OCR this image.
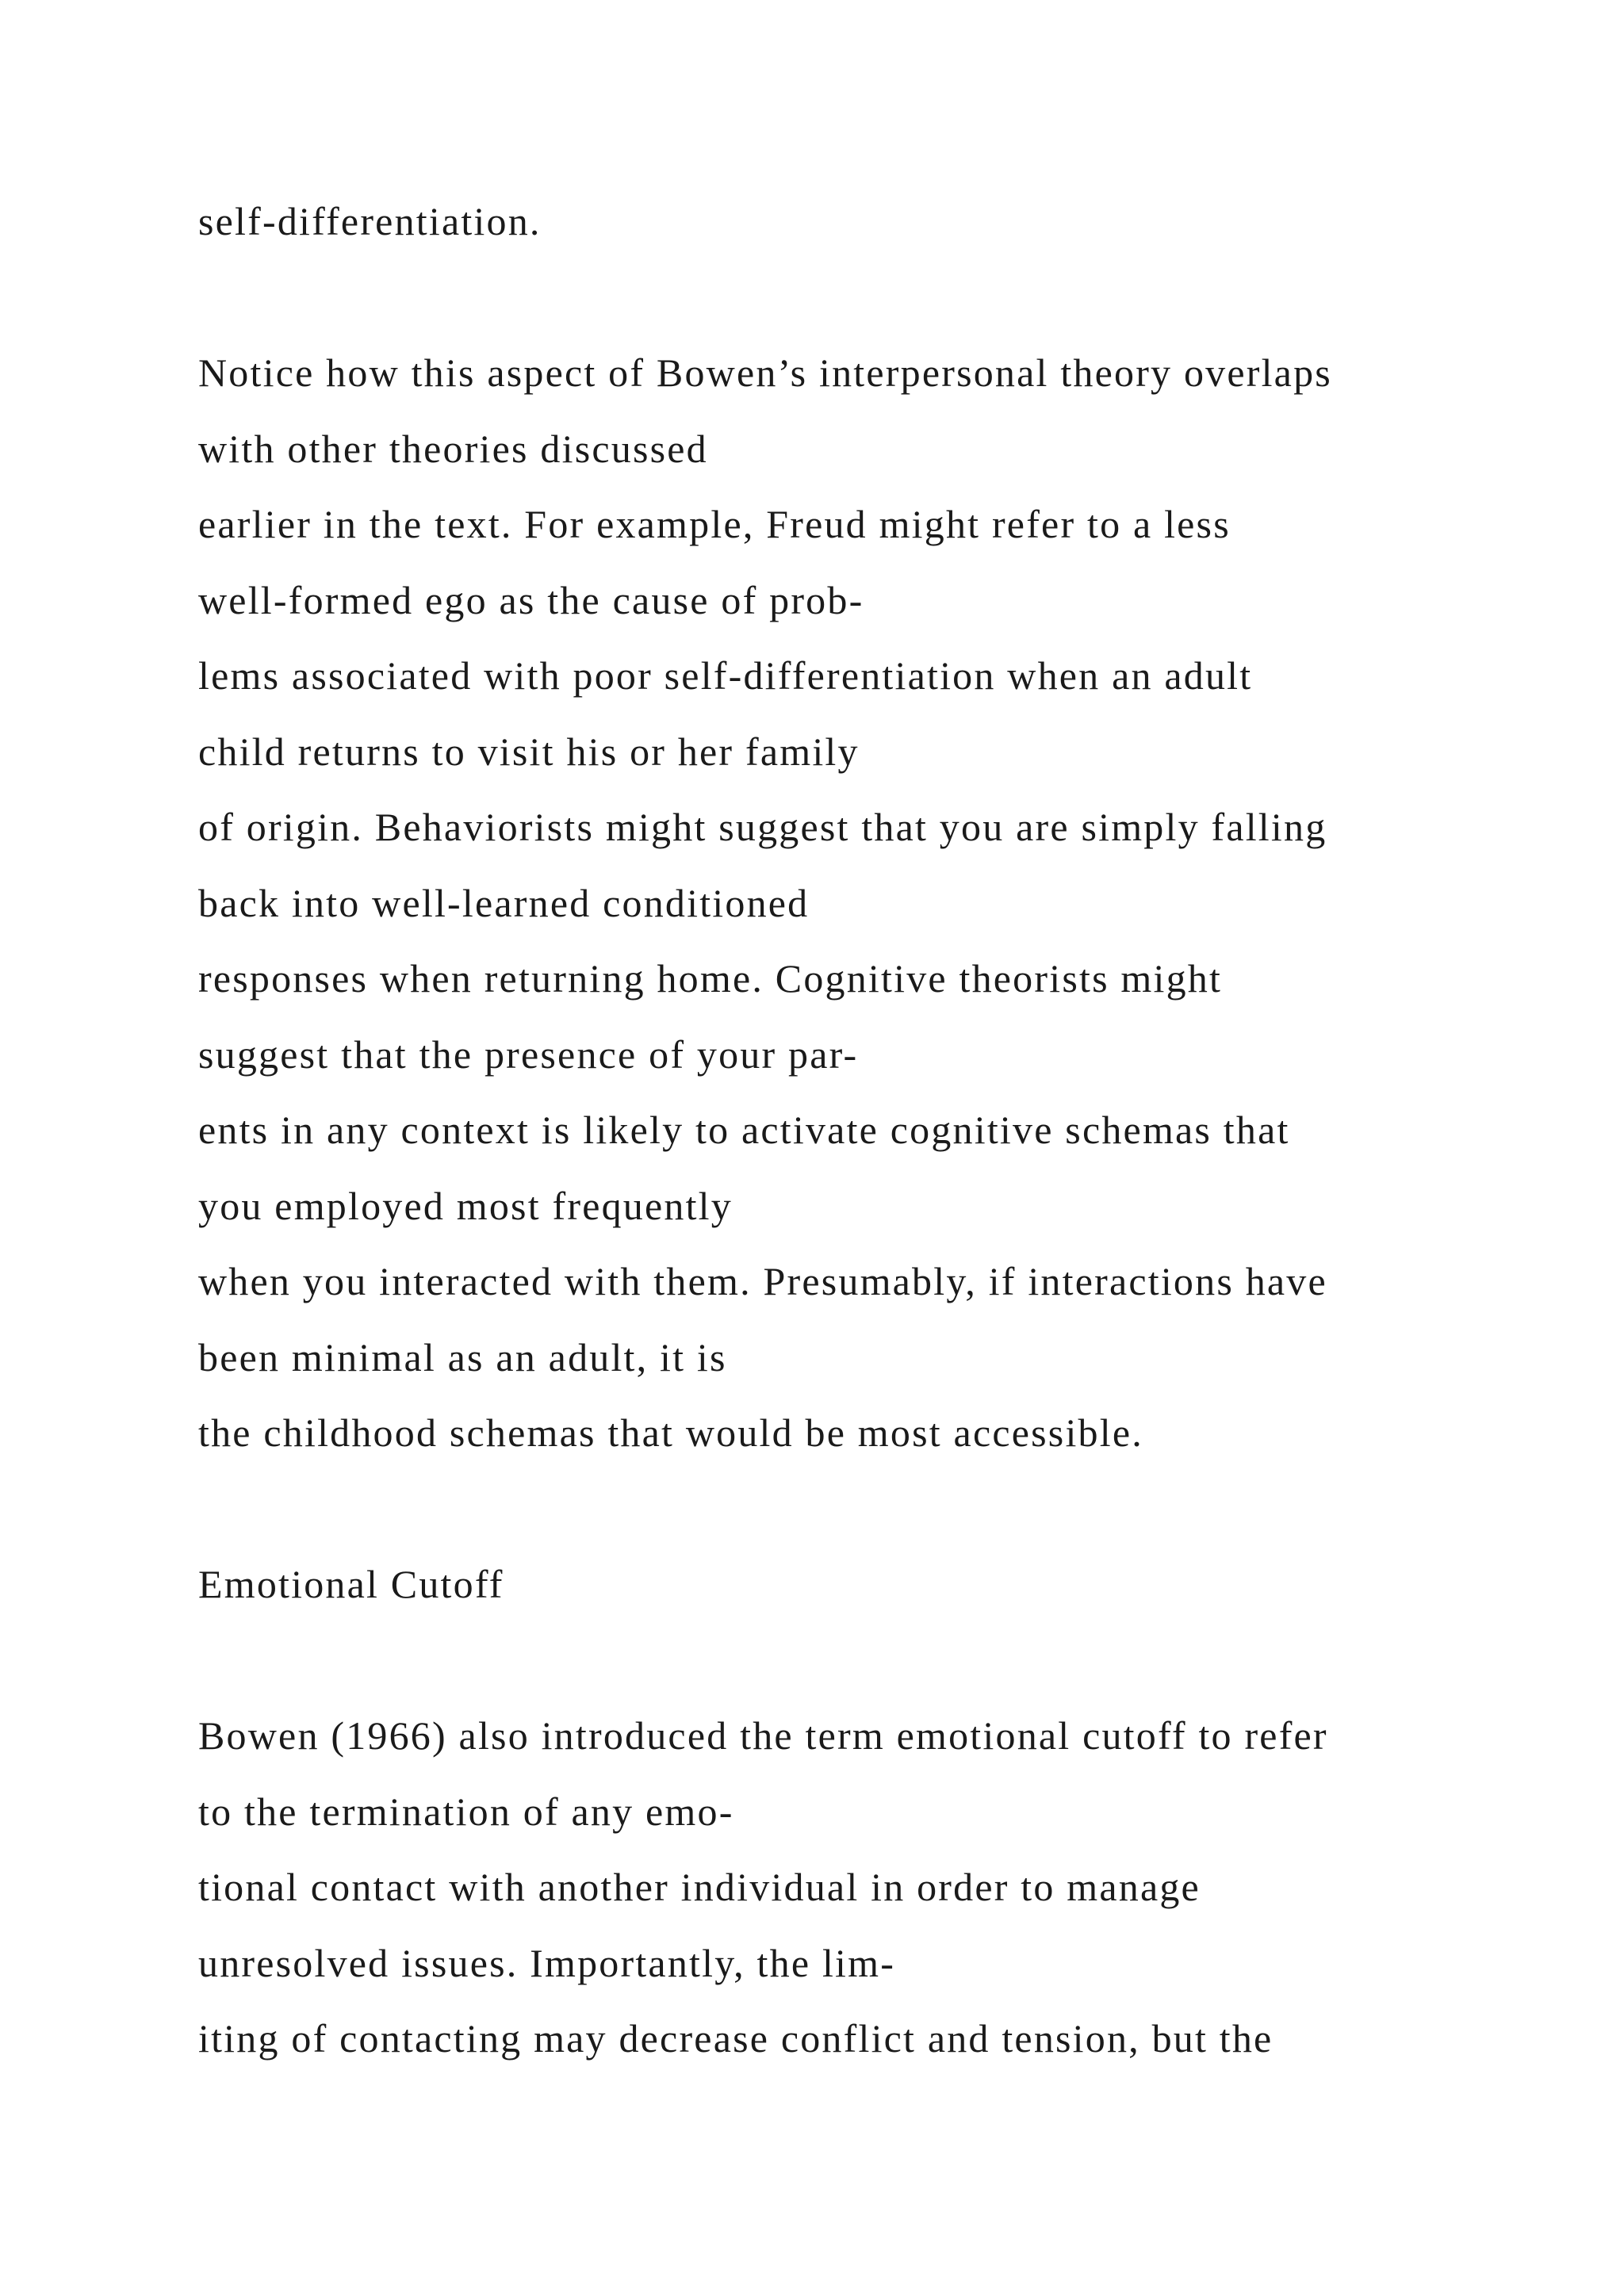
self-differentiation.
Notice how this aspect of Bowen’s interpersonal theory overlaps
with other theories discussed
earlier in the text. For example, Freud might refer to a less
well-formed ego as the cause of prob-
lems associated with poor self-differentiation when an adult
child returns to visit his or her family
of origin. Behaviorists might suggest that you are simply falling
back into well-learned conditioned
responses when returning home. Cognitive theorists might
suggest that the presence of your par-
ents in any context is likely to activate cognitive schemas that
you employed most frequently
when you interacted with them. Presumably, if interactions have
been minimal as an adult, it is
the childhood schemas that would be most accessible.
Emotional Cutoff
Bowen (1966) also introduced the term emotional cutoff to refer
to the termination of any emo-
tional contact with another individual in order to manage
unresolved issues. Importantly, the lim-
iting of contacting may decrease conflict and tension, but the
